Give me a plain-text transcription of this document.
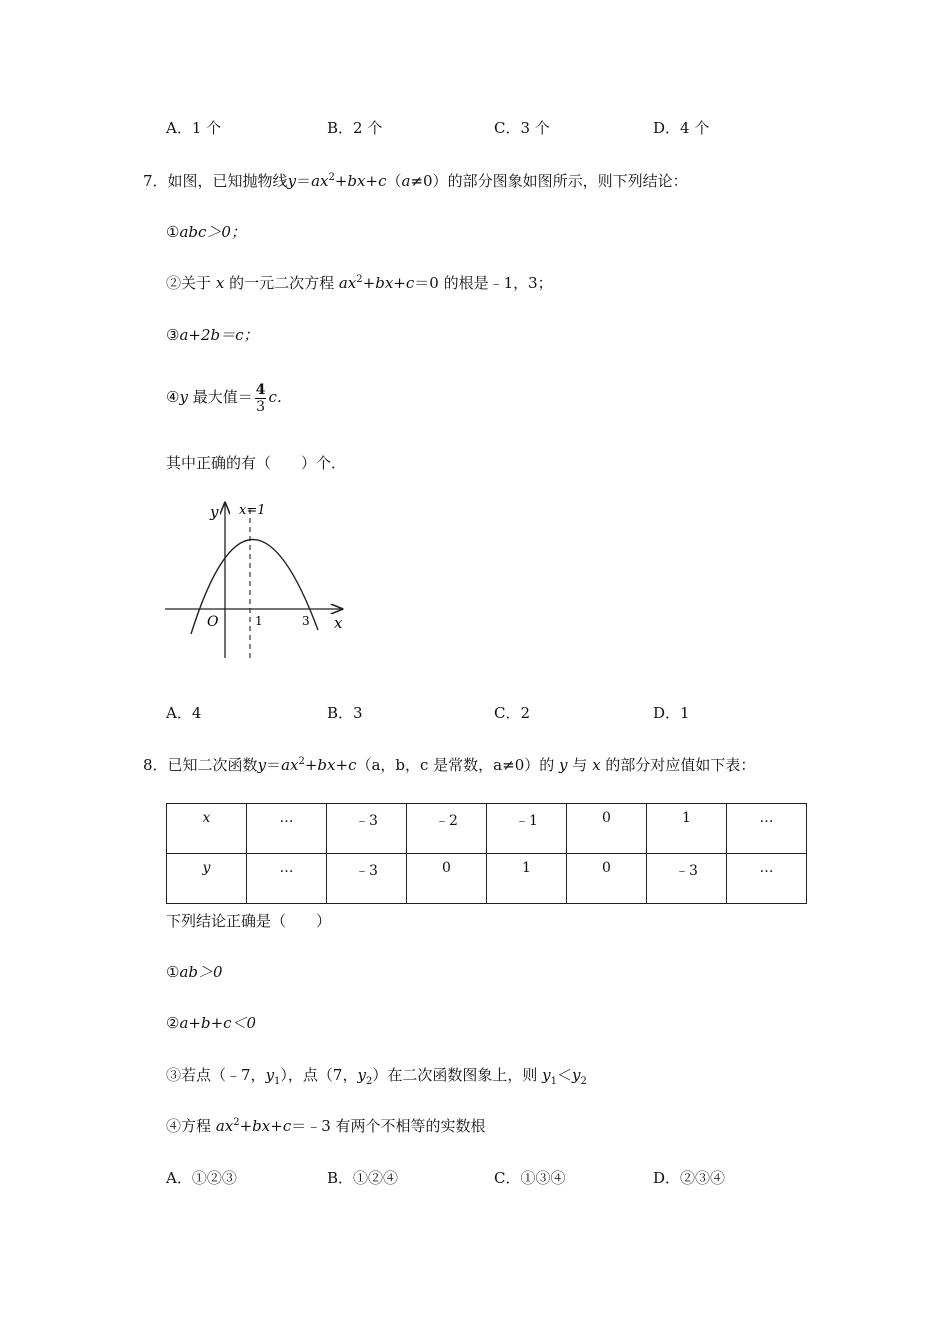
A．1 个	B．2 个	C．3 个	D．4 个
7．如图，已知抛物线$y=ax^2+bx+c(a\ne 0)$的部分图象如图所示，则下列结论：
①abc＞0；
②关于 x 的一元二次方程 $ax^2+bx+c=0$ 的根是﹣1，3；
③a+2b＝c；
④y 最大值＝ $\frac{4}{3}$ c．
其中正确的有（　　）个．
y
x
x=1
O	1	3
A．4	B．3	C．2	D．1
8．已知二次函数$y=ax^2+bx+c(a$，b，c 是常数，a≠0）的 y 与 x 的部分对应值如下表：
x	…	﹣3	﹣2	﹣1	0	1	…
y	…	﹣3	0	1	0	﹣3	…
下列结论正确是（　　）
①ab＞0
②a+b+c＜0
③若点（﹣7，$y_1$），点（7，$y_2$）在二次函数图象上，则 $y_1<y_2$
④方程 $ax^2+bx+c=﹣3$ 有两个不相等的实数根
A．①②③	B．①②④	C．①③④	D．②③④
